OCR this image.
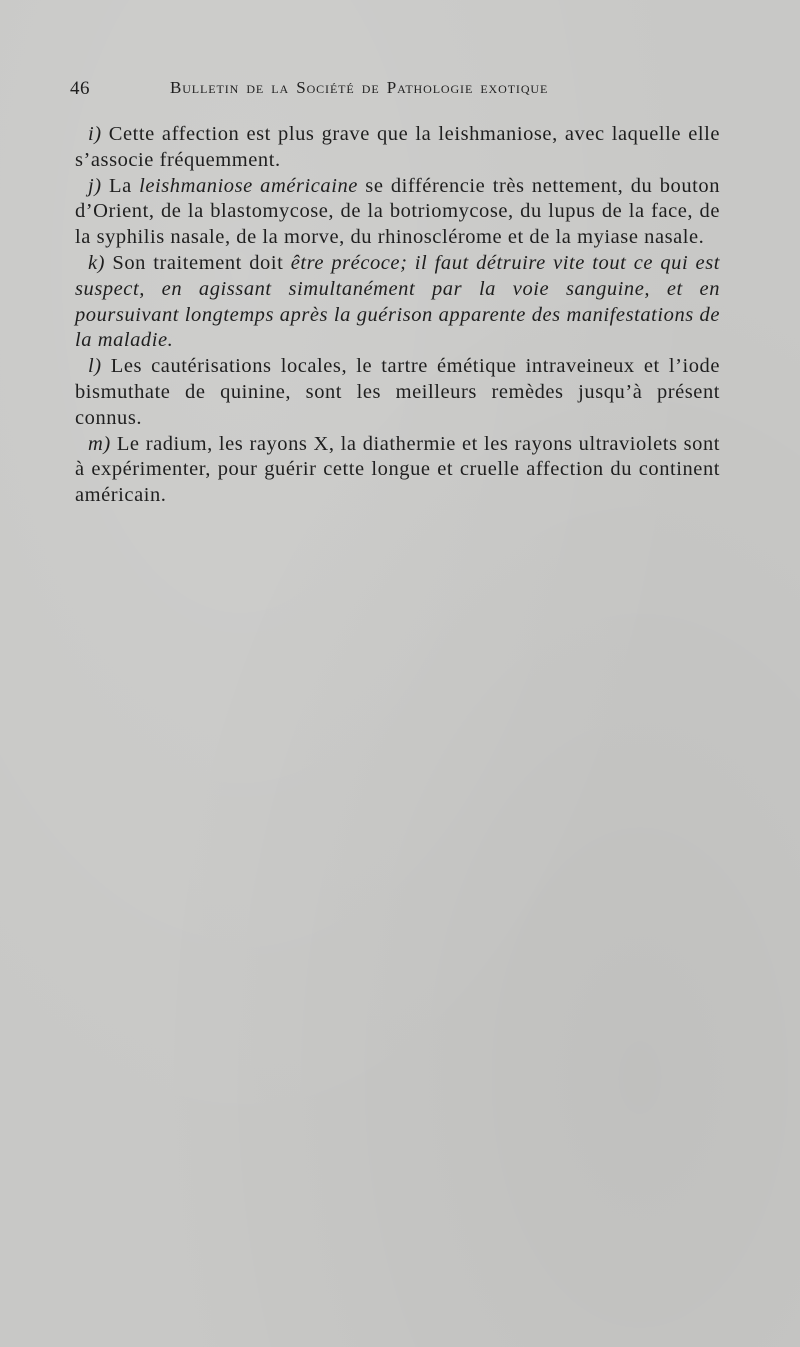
46	Bulletin de la Société de Pathologie exotique

i) Cette affection est plus grave que la leishmaniose, avec laquelle elle s’associe fréquemment.

j) La leishmaniose américaine se différencie très nettement, du bouton d’Orient, de la blastomycose, de la botriomycose, du lupus de la face, de la syphilis nasale, de la morve, du rhinosclérome et de la myiase nasale.

k) Son traitement doit être précoce; il faut détruire vite tout ce qui est suspect, en agissant simultanément par la voie sanguine, et en poursuivant longtemps après la guérison apparente des manifestations de la maladie.

l) Les cautérisations locales, le tartre émétique intraveineux et l’iode bismuthate de quinine, sont les meilleurs remèdes jusqu’à présent connus.

m) Le radium, les rayons X, la diathermie et les rayons ultraviolets sont à expérimenter, pour guérir cette longue et cruelle affection du continent américain.
